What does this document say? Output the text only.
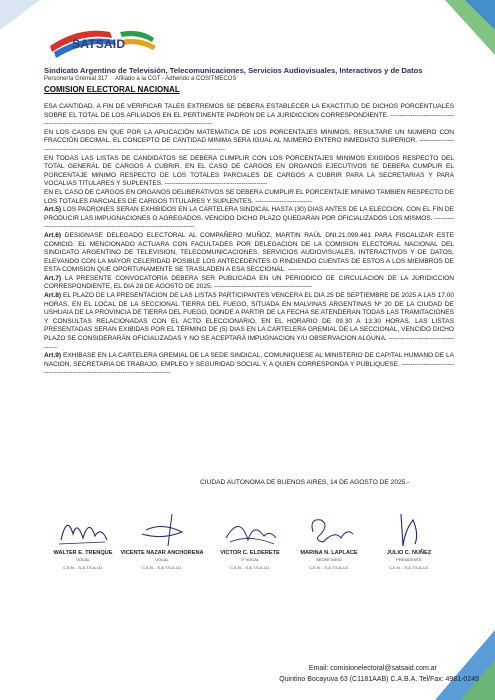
SATSAID
Sindicato Argentino de Televisión, Telecomunicaciones, Servicios Audiovisuales, Interactivos y de Datos
Personería Gremial 317 Afiliado a la CGT - Adherido a COSITMECOS
COMISION ELECTORAL NACIONAL

ESA CANTIDAD. A FIN DE VERIFICAR TALES EXTREMOS SE DEBERA ESTABLECER LA EXACTITUD DE DICHOS PORCENTUALES SOBRE EL TOTAL DE LOS AFILIADOS EN EL PERTINENTE PADRON DE LA JURIDICCION CORRESPONDIENTE. ----------------------------------------------------------------------------------------------------------

EN LOS CASOS EN QUE POR LA APLICACIÓN MATEMATICA DE LOS PORCENTAJES MINIMOS, RESULTARE UN NUMERO CON FRACCIÓN DECIMAL. EL CONCEPTO DE CANTIDAD MINIMA SERA IGUAL AL NUMERO ENTERO INMEDIATO SUPERIOR. ---------------------------------------------------------------------------------------------------

EN TODAS LAS LISTAS DE CANDIDATOS SE DEBERA CUMPLIR CON LOS PORCENTAJES MINIMOS EXIGIDOS RESPECTO DEL TOTAL GENERAL DE CARGOS A CUBRIR. EN EL CASO DE CARGOS EN ORGANOS EJECUTIVOS SE DEBERA CUMPLIR EL PORCENTAJE MINIMO RESPECTO DE LOS TOTALES PARCIALES DE CARGOS A CUBRIR PARA LA SECRETARIAS Y PARA VOCALIAS TITULARES Y SUPLENTES. -----------------------------------------------

EN EL CASO DE CARGOS EN ORGANOS DELIBERATIVOS SE DEBERA CUMPLIR EL PORCENTAJE MINIMO TAMBIEN RESPECTO DE LOS TOTALES PARCIALES DE CARGOS TITULARES Y SUPLENTES. --------------------------

Art.5) LOS PADRONES SERAN EXHIBIDOS EN LA CARTELERA SINDICAL HASTA (30) DIAS ANTES DE LA ELECCION, CON EL FIN DE PRODUCIR LAS IMPUGNACIONES O AGREGADOS. VENCIDO DICHO PLAZO QUEDARAN POR OFICIALIZADOS LOS MISMOS. ------------------------------------------------------------------------------

Art.6) DESIGNASE DELEGADO ELECTORAL AL COMPAÑERO MUÑOZ, MARTIN RAÚL DNI.21.099.461 PARA FISCALIZAR ESTE COMICIO. EL MENCIONADO ACTUARA CON FACULTADES POR DELEGACION DE LA COMISION ELECTORAL NACIONAL DEL SINDICATO ARGENTINO DE TELEVISION, TELECOMUNICACIONES, SERVICIOS AUDIOVISUALES, INTERACTIVOS Y DE DATOS, ELEVANDO CON LA MAYOR CELERIDAD POSIBLE LOS ANTECEDENTES O RINDIENDO CUENTAS DE ESTOS A LOS MIEMBROS DE ESTA COMISION QUE OPORTUNAMENTE SE TRASLADEN A ESA SECCIONAL. ------------------------------------------------------------------

Art.7) LA PRESENTE CONVOCATORIA DEBERA SER PUBLICADA EN UN PERIODICO DE CIRCULACION DE LA JURIDICCION CORRESPONDIENTE, EL DIA 28 DE AGOSTO DE 2025. ---------------------------------------------

Art.8) EL PLAZO DE LA PRESENTACION DE LAS LISTAS PARTICIPANTES VENCERA EL DIA 25 DE SEPTIEMBRE DE 2025 A LAS 17.00 HORAS, EN EL LOCAL DE LA SECCIONAL TIERRA DEL FUEGO, SITUADA EN MALVINAS ARGENTINAS Nº 20 DE LA CIUDAD DE USHUAIA DE LA PROVINCIA DE TIERRA DEL FUEGO, DONDE A PARTIR DE LA FECHA SE ATENDERAN TODAS LAS TRAMITACIONES Y CONSULTAS RELACIONADAS CON EL ACTO ELECCIONARIO, EN EL HORARIO DE 09.30 A 13.30 HORAS. LAS LISTAS PRESENTADAS SERAN EXIBIDAS POR EL TÉRMINO DE (5) DIAS EN LA CARTELERA GREMIAL DE LA SECCIONAL, VENCIDO DICHO PLAZO SE CONSIDERARÁN OFICIALIZADAS Y NO SE ACEPTARÁ IMPUGNACION Y/U OBSERVACION ALGUNA. ------------------------------------

Art.9) EXHIBASE EN LA CARTELERA GREMIAL DE LA SEDE SINDICAL, COMUNIQUESE AL MINISTERIO DE CAPITAL HUMANO DE LA NACION, SECRETARIA DE TRABAJO, EMPLEO Y SEGURIDAD SOCIAL Y, A QUIEN CORRESPONDA Y PUBLIQUESE. ----------------------------------------------------------------------------------

CIUDAD AUTONOMA DE BUENOS AIRES, 14 DE AGOSTO DE 2025.-
WALTER E. TRENQUE
VOCAL
C.E.N. - S.A.T.S.A.I.D.
VICENTE NAZAR ANCHORENA
VOCAL
C.E.N. - S.A.T.S.A.I.D.
VICTOR C. ELDERETE
1º VOCAL
C.E.N. - S.A.T.S.A.I.D.
MARINA N. LAPLACE
SECRETARIO
C.E.N. - S.A.T.S.A.I.D.
JULIO C. NUÑEZ
PRESIDENTE
C.E.N. - S.A.T.S.A.I.D.
Email: comisionelectoral@satsaid.com.ar
Quintino Bocayuva 63 (C1181AAB) C.A.B.A. Tel/Fax: 4981-0249
